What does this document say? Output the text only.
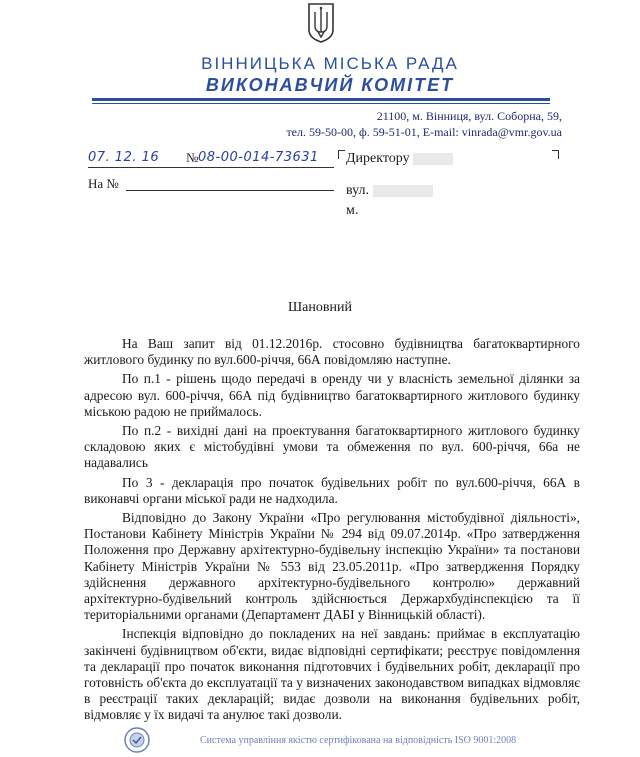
ВІННИЦЬКА МІСЬКА РАДА
ВИКОНАВЧИЙ КОМІТЕТ
21100, м. Вінниця, вул. Соборна, 59,
тел. 59-50-00, ф. 59-51-01, E-mail: vinrada@vmr.gov.ua
07. 12. 16 № 08-00-014-73631
На №
Директору
вул.
м.
Шановний

На Ваш запит від 01.12.2016р. стосовно будівництва багатоквартирного житлового будинку по вул.600-річчя, 66А повідомляю наступне.

По п.1 - рішень щодо передачі в оренду чи у власність земельної ділянки за адресою вул. 600-річчя, 66А під будівництво багатоквартирного житлового будинку міською радою не приймалось.

По п.2 - вихідні дані на проектування багатоквартирного житлового будинку складовою яких є містобудівні умови та обмеження по вул. 600-річчя, 66а не надавались

По 3 - декларація про початок будівельних робіт по вул.600-річчя, 66А в виконавчі органи міської ради не надходила.

Відповідно до Закону України «Про регулювання містобудівної діяльності», Постанови Кабінету Міністрів України № 294 від 09.07.2014р. «Про затвердження Положення про Державну архітектурно-будівельну інспекцію України» та постанови Кабінету Міністрів України № 553 від 23.05.2011р. «Про затвердження Порядку здійснення державного архітектурно-будівельного контролю» державний архітектурно-будівельний контроль здійснюється Держархбудінспекцією та її територіальними органами (Департамент ДАБІ у Вінницькій області).

Інспекція відповідно до покладених на неї завдань: приймає в експлуатацію закінчені будівництвом об'єкти, видає відповідні сертифікати; реєструє повідомлення та декларації про початок виконання підготовчих і будівельних робіт, декларації про готовність об'єкта до експлуатації та у визначених законодавством випадках відмовляє в реєстрації таких декларацій; видає дозволи на виконання будівельних робіт, відмовляє у їх видачі та анулює такі дозволи.

Система управління якістю сертифікована на відповідність ISO 9001:2008
